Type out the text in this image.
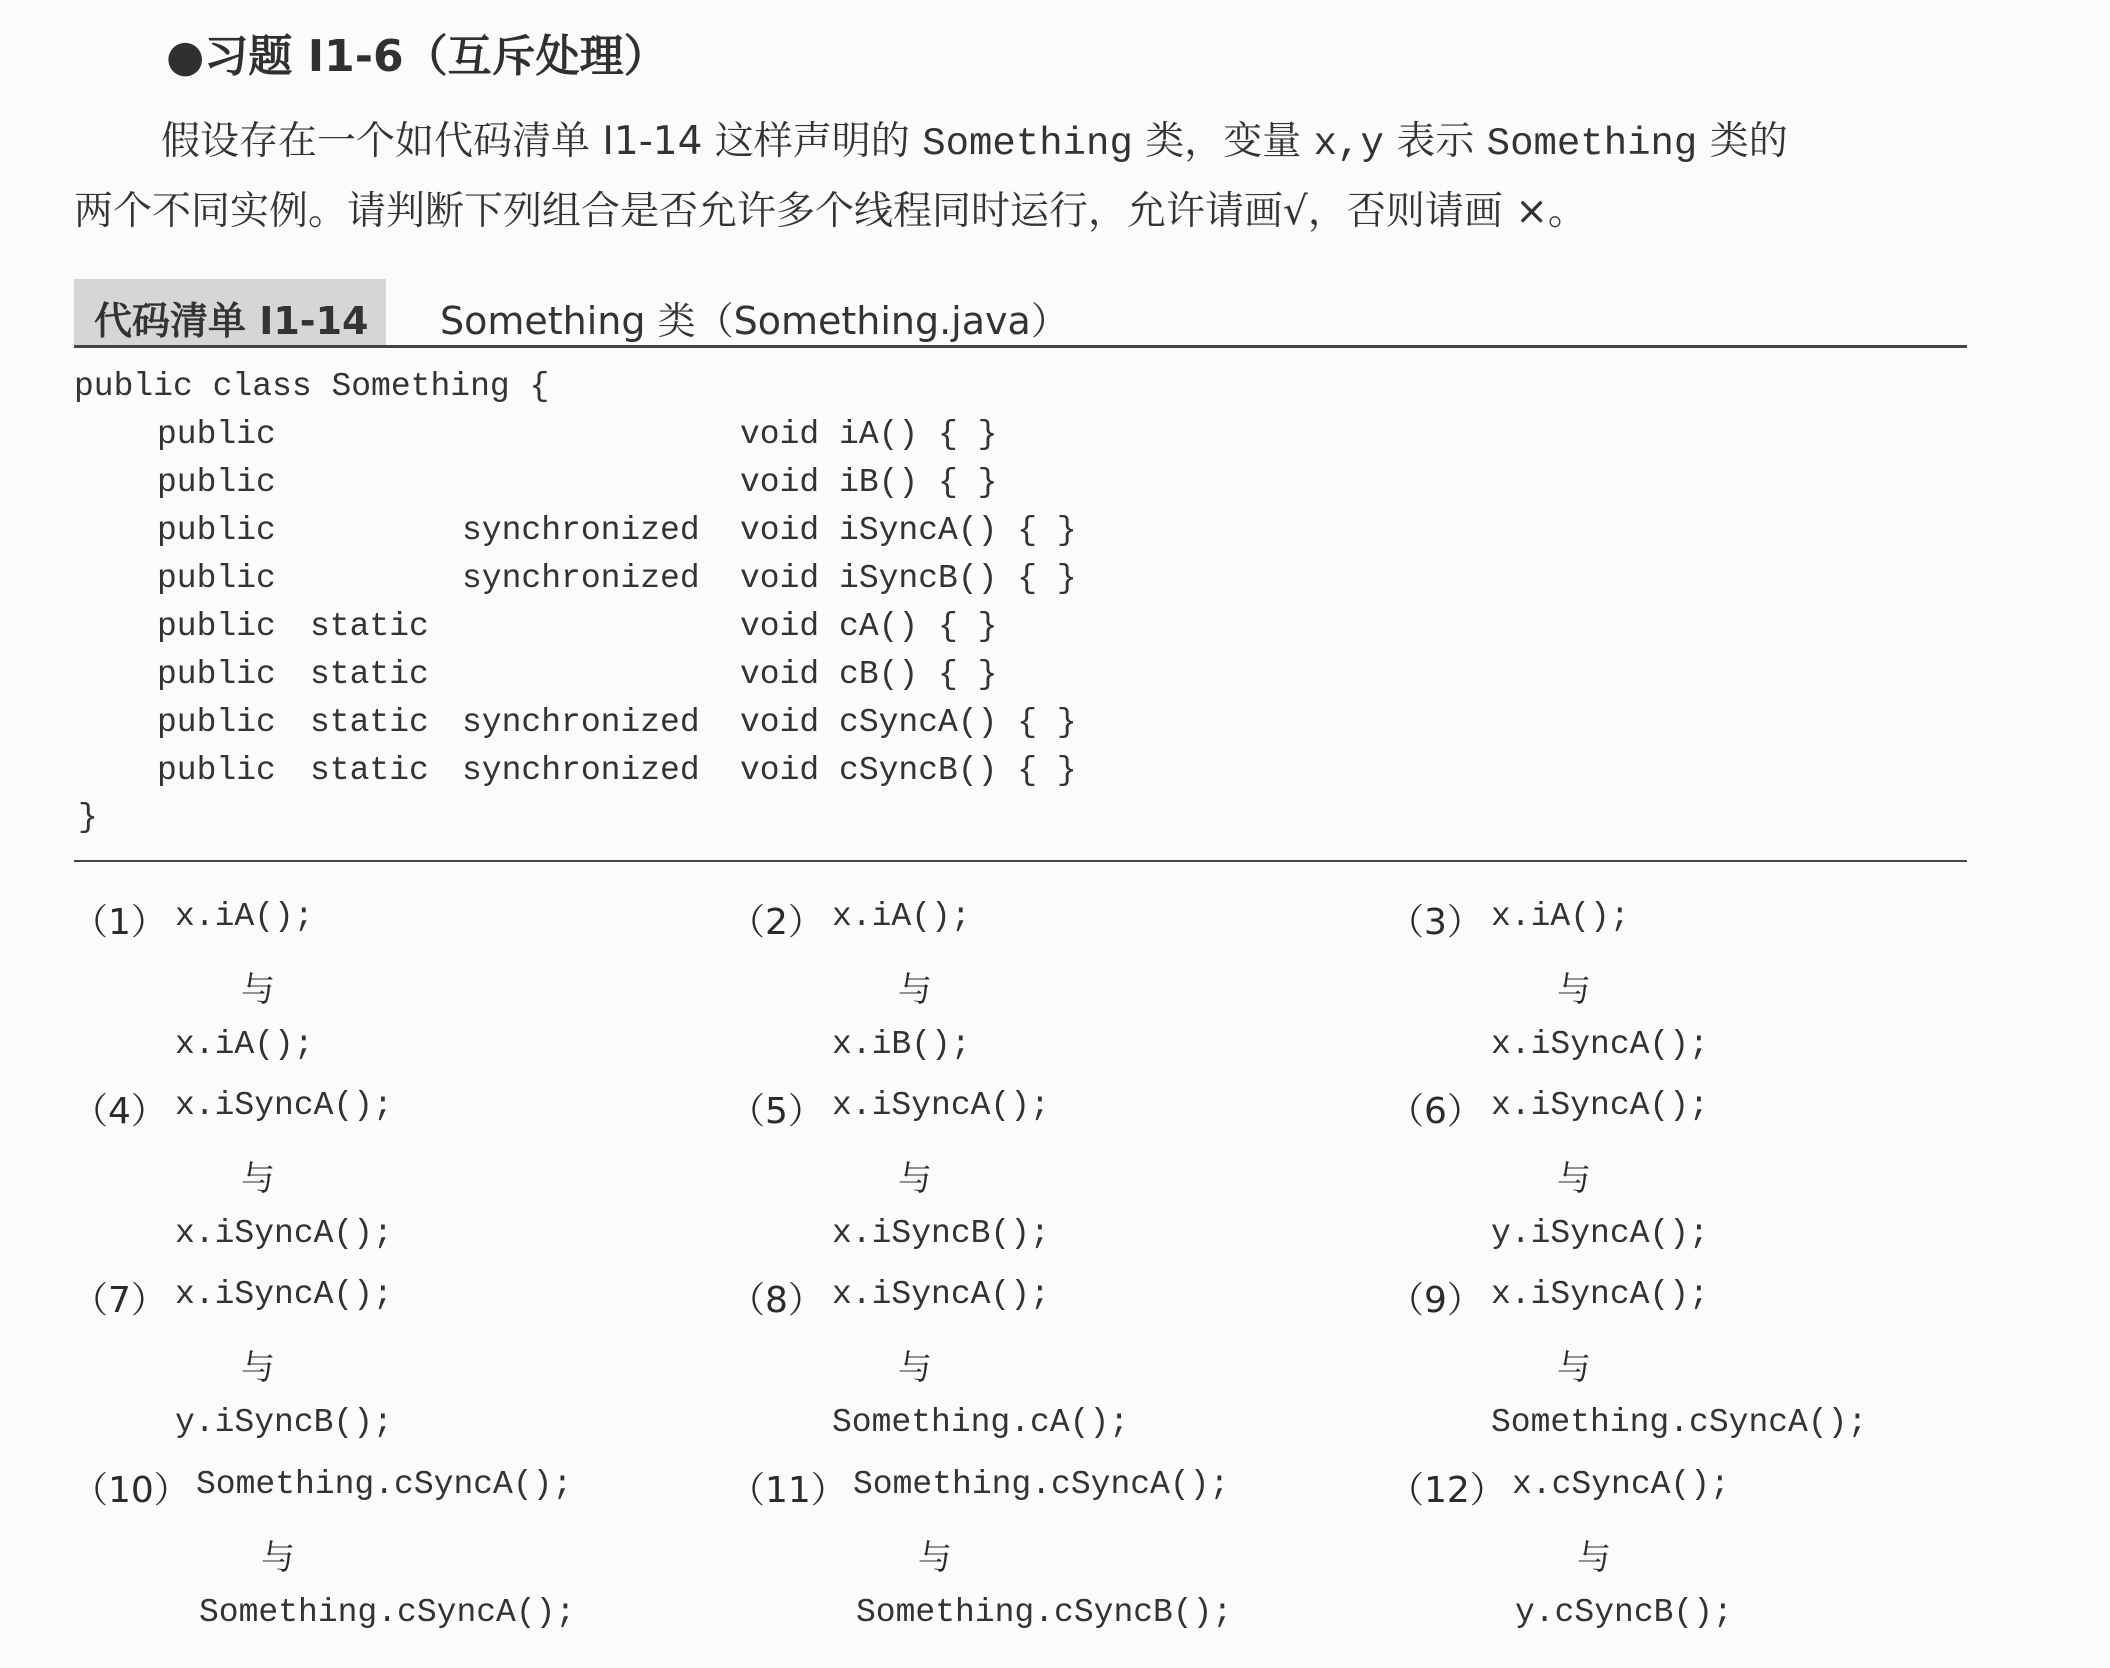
●习题 I1-6（互斥处理）
假设存在一个如代码清单 I1-14 这样声明的 Something 类，变量 x,y 表示 Something 类的
两个不同实例。请判断下列组合是否允许多个线程同时运行，允许请画√，否则请画 ×。
代码清单 I1-14 Something 类（Something.java）
public class Something {
public	void iA() { }
public	void iB() { }
public	synchronized void iSyncA() { }
public	synchronized void iSyncB() { }
public static	void cA() { }
public static	void cB() { }
public static synchronized void cSyncA() { }
public static synchronized void cSyncB() { }
}
（1） x.iA();
与
x.iA();
（2） x.iA();
与
x.iB();
（3） x.iA();
与
x.iSyncA();
（4） x.iSyncA();
与
x.iSyncA();
（5） x.iSyncA();
与
x.iSyncB();
（6） x.iSyncA();
与
y.iSyncA();
（7） x.iSyncA();
与
y.iSyncB();
（8） x.iSyncA();
与
Something.cA();
（9） x.iSyncA();
与
Something.cSyncA();
（10） Something.cSyncA();
与
Something.cSyncA();
（11） Something.cSyncA();
与
Something.cSyncB();
（12） x.cSyncA();
与
y.cSyncB();
